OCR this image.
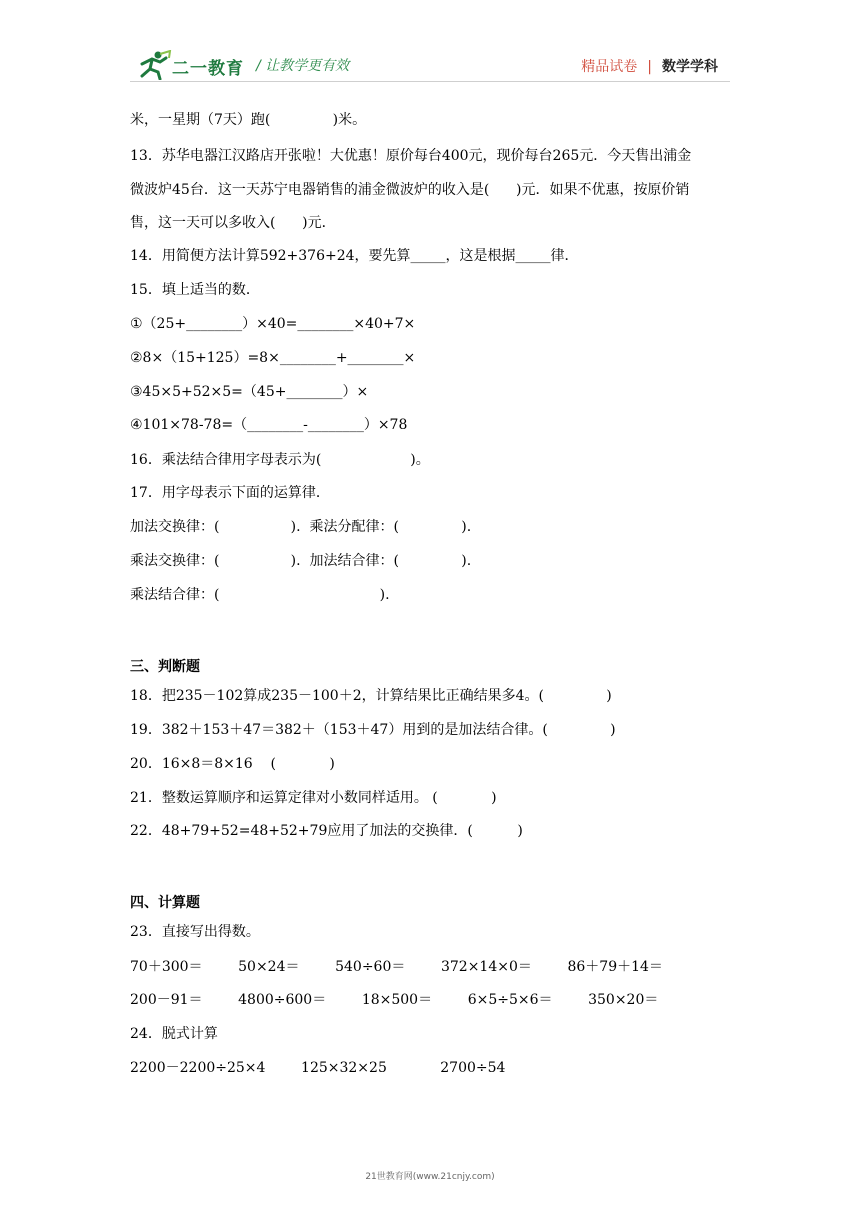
二一教育 / 让教学更有效	精品试卷 | 数学学科
米，一星期（7天）跑(              )米。
13．苏华电器江汉路店开张啦！大优惠！原价每台400元，现价每台265元．今天售出浦金
微波炉45台．这一天苏宁电器销售的浦金微波炉的收入是(      )元．如果不优惠，按原价销
售，这一天可以多收入(      )元．
14．用简便方法计算592+376+24，要先算_____，这是根据_____律．
15．填上适当的数．
①（25+________）×40=________×40+7×
②8×（15+125）=8×________+________×
③45×5+52×5=（45+________）×
④101×78-78=（________-________）×78
16．乘法结合律用字母表示为(                    )。
17．用字母表示下面的运算律．
加法交换律：(                ).  乘法分配律：(              ).
乘法交换律：(                ).  加法结合律：(              ).
乘法结合律：(                                    ).
三、判断题
18．把235－102算成235－100＋2，计算结果比正确结果多4。(              )
19．382＋153＋47＝382＋（153＋47）用到的是加法结合律。(              )
20．16×8＝8×16    (            )
21．整数运算顺序和运算定律对小数同样适用。 (            )
22．48+79+52=48+52+79应用了加法的交换律．(          )
四、计算题
23．直接写出得数。
70＋300＝        50×24＝        540÷60＝        372×14×0＝        86＋79＋14＝
200－91＝        4800÷600＝        18×500＝        6×5÷5×6＝        350×20＝
24．脱式计算
2200－2200÷25×4        125×32×25            2700÷54
21世教育网(www.21cnjy.com)
